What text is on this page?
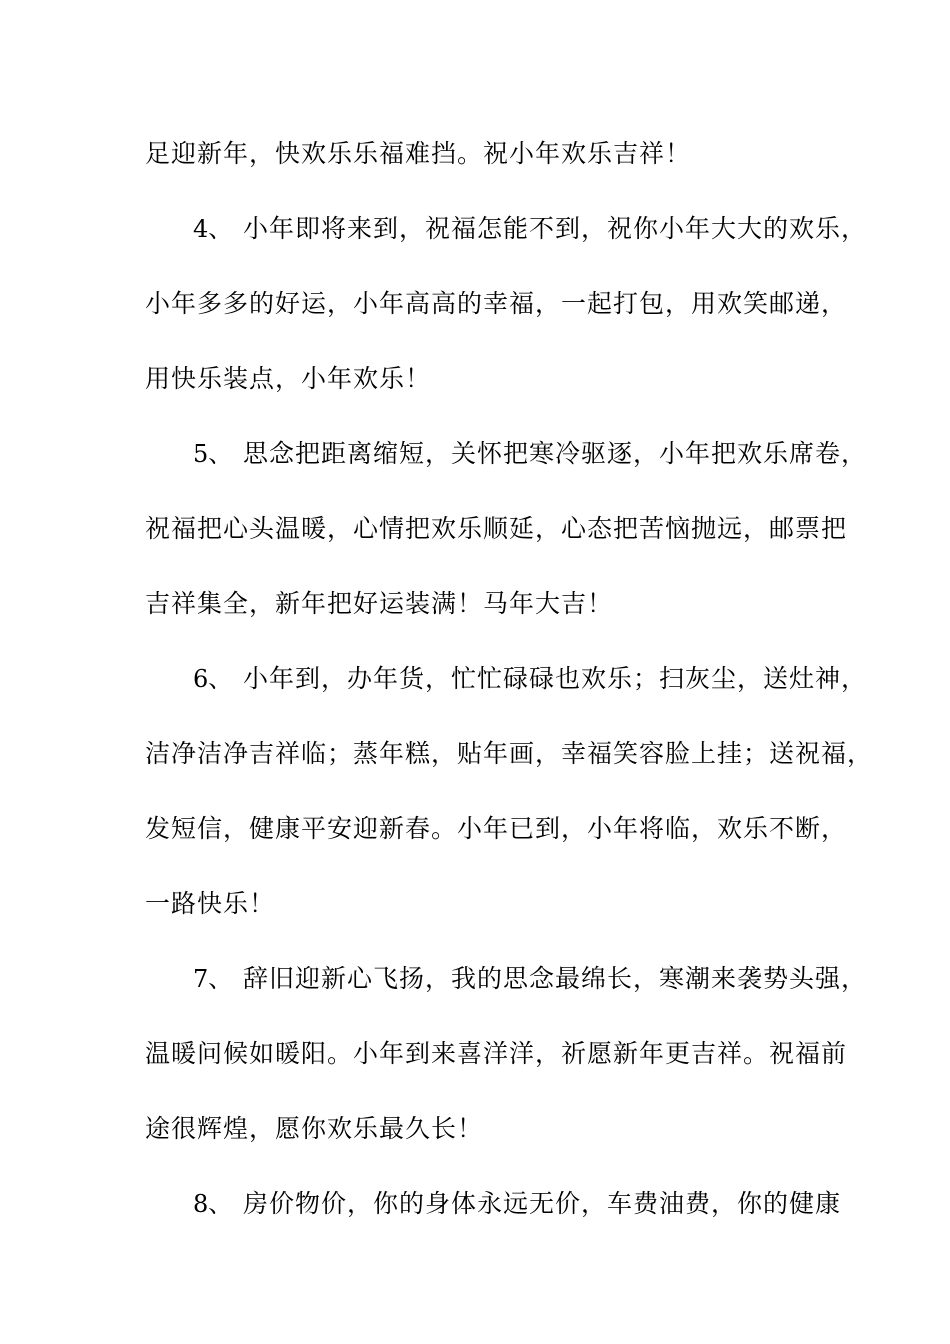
足迎新年，快欢乐乐福难挡。祝小年欢乐吉祥！
4、 小年即将来到，祝福怎能不到，祝你小年大大的欢乐，
小年多多的好运，小年高高的幸福，一起打包，用欢笑邮递，
用快乐装点，小年欢乐！
5、 思念把距离缩短，关怀把寒冷驱逐，小年把欢乐席卷，
祝福把心头温暖，心情把欢乐顺延，心态把苦恼抛远，邮票把
吉祥集全，新年把好运装满！马年大吉！
6、 小年到，办年货，忙忙碌碌也欢乐；扫灰尘，送灶神，
洁净洁净吉祥临；蒸年糕，贴年画，幸福笑容脸上挂；送祝福，
发短信，健康平安迎新春。小年已到，小年将临，欢乐不断，
一路快乐！
7、 辞旧迎新心飞扬，我的思念最绵长，寒潮来袭势头强，
温暖问候如暖阳。小年到来喜洋洋，祈愿新年更吉祥。祝福前
途很辉煌，愿你欢乐最久长！
8、 房价物价，你的身体永远无价，车费油费，你的健康
